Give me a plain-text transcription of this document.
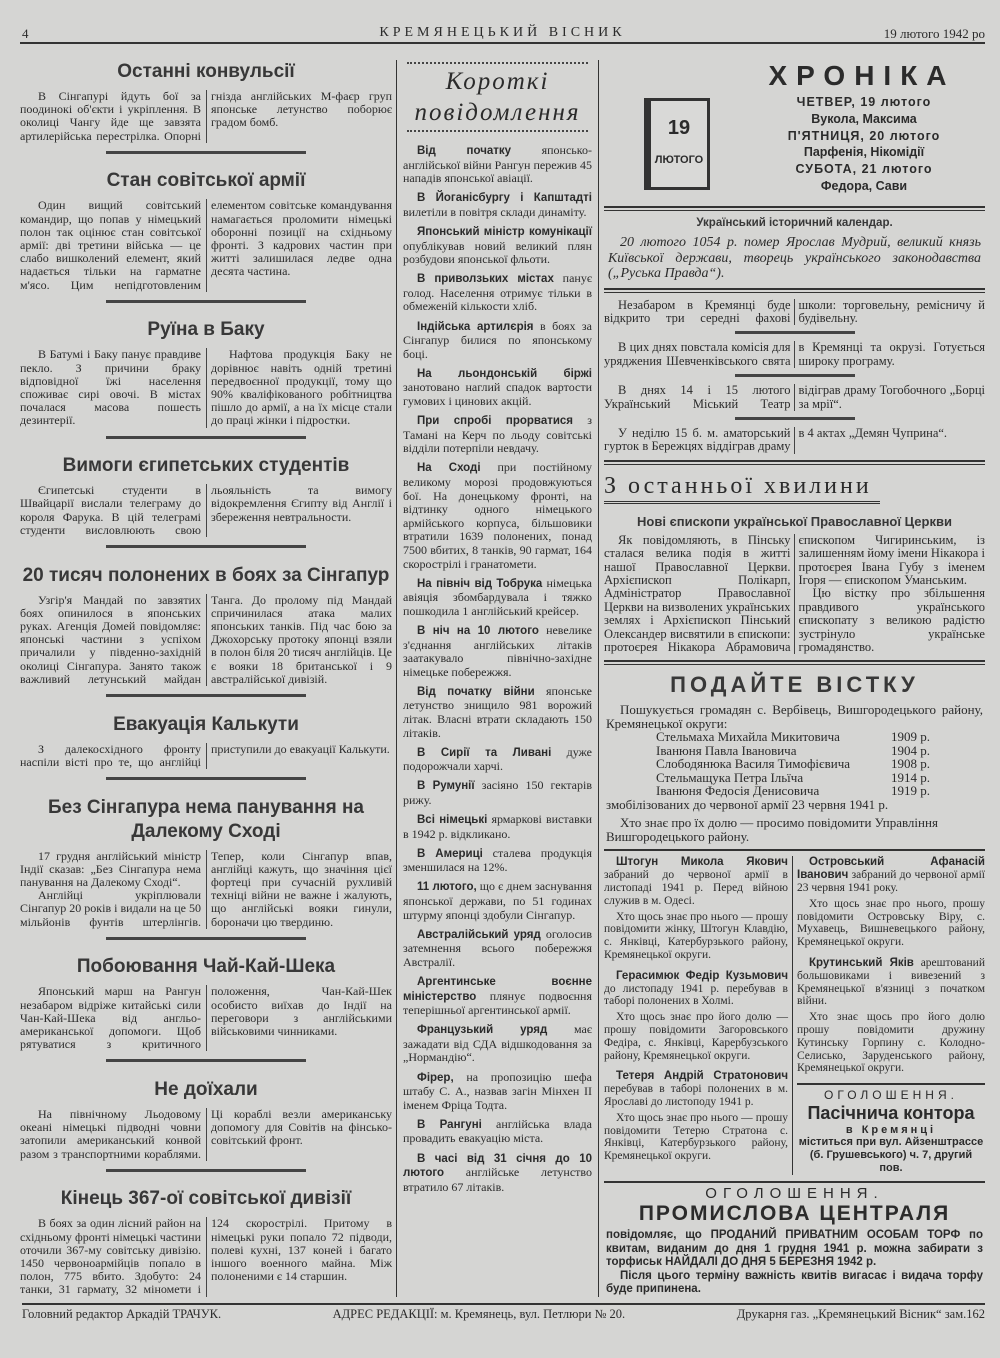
4	КРЕМЯНЕЦЬКИЙ ВІСНИК	19 лютого 1942 ро
Останні конвульсії

В Сінгапурі йдуть бої за поодинокі об'єкти і укріплення. В околиці Чангу йде ще завзята артилерійська перестрілка. Опорні гнізда англійських М-фаєр груп японське летунство поборює градом бомб.

Стан совітської армії

Один вищий совітський командир, що попав у німецький полон так оцінює стан совітської армії: дві третини війська — це слабо вишколений елемент, який надається тільки на гарматне м'ясо. Цим непідготовленим елементом совітське командування намагається проломити німецькі оборонні позиції на східньому фронті. З кадрових частин при житті залишилася ледве одна десята частина.

Руїна в Баку

В Батумі і Баку панує правдиве пекло. З причини браку відповідної їжі населення споживає сирі овочі. В містах почалася масова пошесть дезинтерії.

Нафтова продукція Баку не дорівнює навіть одній третині передвоєнної продукції, тому що 90% кваліфікованого робітництва пішло до армії, а на їх місце стали до праці жінки і підростки.

Вимоги єгипетських студентів

Єгипетські студенти в Швайцарії вислали телеграму до короля Фарука. В цій телеграмі студенти висловлюють свою льояльність та вимогу відокремлення Єгипту від Англії і збереження невтральности.

20 тисяч полонених в боях за Сінгапур

Узгір'я Мандай по завзятих боях опинилося в японських руках. Агенція Домей повідомляє: японські частини з успіхом причалили у південно-західній околиці Сінгапура. Занято також важливий летунський майдан Танга. До пролому під Мандай спричинилася атака малих японських танків. Під час бою за Джохорську протоку японці взяли в полон біля 20 тисяч англійців. Це є вояки 18 британської і 9 австралійської дивізій.

Евакуація Калькути

З далекосхідного фронту наспіли вісті про те, що англійці приступили до евакуації Калькути.

Без Сінгапура нема панування на Далекому Сході

17 грудня англійський міністр Індії сказав: „Без Сінгапура нема панування на Далекому Сході“.

Англійці укріплювали Сінгапур 20 років і видали на це 50 мільйонів фунтів штерлінгів. Тепер, коли Сінгапур впав, англійці кажуть, що значіння цієї фортеці при сучасній рухливій техніці війни не важне і жалують, що англійські вояки гинули, бороначи цю твердиню.

Побоювання Чай-Кай-Шека

Японський марш на Рангун незабаром відріже китайські сили Чан-Кай-Шека від англьо-американської допомоги. Щоб рятуватися з критичного положення, Чан-Кай-Шек особисто виїхав до Індії на переговори з англійськими військовими чинниками.

Не доїхали

На північному Льодовому океані німецькі підводні човни затопили американський конвой разом з транспортними кораблями. Ці кораблі везли американську допомогу для Совітів на фінсько-совітський фронт.

Кінець 367-ої совітської дивізії

В боях за один лісний район на східньому фронті німецькі частини оточили 367-му совітську дивізію. 1450 червоноармійців попало в полон, 775 вбито. Здобуто: 24 танки, 31 гармату, 32 міномети і 124 скорострілі. Притому в німецькі руки попало 72 підводи, полеві кухні, 137 коней і багато іншого военного майна. Між полоненими є 14 старшин.

Короткі
повідомлення

Від початку японсько-англійської війни Рангун пережив 45 нападів японської авіації.

В Йоганісбургу і Капштадті вилетіли в повітря склади динаміту.

Японський міністр комунікації опублікував новий великий плян розбудови японської фльоти.

В приволзьких містах панує голод. Населення отримує тільки в обмеженій кількости хліб.

Індійська артилєрія в боях за Сінгапур билися по японському боці.

На льондонській біржі занотовано наглий спадок вартости гумових і цинових акцій.

При спробі прорватися з Тамані на Керч по льоду совітські відділи потерпіли невдачу.

На Сході при постійному великому морозі продовжуються бої. На донецькому фронті, на відтинку одного німецького армійського корпуса, більшовики втратили 1639 полонених, понад 7500 вбитих, 8 танків, 90 гармат, 164 скорострілі і гранатомети.

На північ від Тобрука німецька авіяція збомбардувала і тяжко пошкодила 1 англійський крейсер.

В ніч на 10 лютого невелике з'єднання англійських літаків заатакувало північно-західне німецьке побережжя.

Від початку війни японське летунство знищило 981 ворожий літак. Власні втрати складають 150 літаків.

В Сирії та Ливані дуже подорожчали харчі.

В Румунії засіяно 150 гектарів рижу.

Всі німецькі ярмаркові виставки в 1942 р. відкликано.

В Америці сталева продукція зменшилася на 12%.

11 лютого, що є днем заснування японської держави, по 51 годинах штурму японці здобули Сінгапур.

Австралійський уряд оголосив затемнення всього побережжя Австралії.

Аргентинське воєнне міністерство плянує подвоєння теперішньої аргентинської армії.

Французький уряд має зажадати від СДА відшкодовання за „Нормандію“.

Фірер, на пропозицію шефа штабу С. А., назвав загін Мінхен II іменем Фріца Тодта.

В Рангуні англійська влада провадить евакуацію міста.

В часі від 31 січня до 10 лютого англійське летунство втратило 67 літаків.

19
ЛЮТОГО
ХРОНІКА
ЧЕТВЕР, 19 лютого
Вукола, Максима
П'ЯТНИЦЯ, 20 лютого
Парфенія, Нікомідії
СУБОТА, 21 лютого
Федора, Сави
Український історичний календар.
20 лютого 1054 р. помер Ярослав Мудрий, великий князь Київської держави, творець українського законодавства („Руська Правда“).

Незабаром в Кремянці буде відкрито три середні фахові школи: торговельну, ремісничу й будівельну.

В цих днях повстала комісія для уряджения Шевченківського свята в Кремянці та окрузі. Готується широку програму.

В днях 14 і 15 лютого Український Міський Театр відіграв драму Тогобочного „Борці за мрії“.

У неділю 15 б. м. аматорський гурток в Бережцях віддіграв драму в 4 актах „Демян Чуприна“.

З останньої хвилини
Нові єпископи української Православної Церкви

Як повідомляють, в Пінську сталася велика подія в житті нашої Православної Церкви. Архієпископ Полікарп, Адміністратор Православної Церкви на визволених українських землях і Архієпископ Пінський Олександер висвятили в єпископи: протоєрея Нікакора Абрамовича єпископом Чигиринським, із залишенням йому імени Нікакора і протоєрея Івана Губу з іменем Ігоря — єпископом Уманським.

Цю вістку про збільшення правдивого українського єпископату з великою радістю зустрінуло українське громадянство.

ПОДАЙТЕ ВІСТКУ
Пошукується громадян с. Вербівець, Вишгородецького району, Кремянецької округи:
Стельмаха Михайла Микитовича	1909 р.
Іванюня Павла Івановича	1904 р.
Слободянюка Василя Тимофієвича	1908 р.
Стельмащука Петра Ільїча	1914 р.
Іванюня Федосія Денисовича	1919 р.
змобілізованих до червоної армії 23 червня 1941 р.
Хто знає про їх долю — просимо повідомити Управління Вишгородецького району.

Штогун Микола Якович забраний до червоної армії в листопаді 1941 р. Перед війною служив в м. Одесі.

Хто щось знає про нього — прошу повідомити жінку, Штогун Клавдію, с. Янківці, Катербурзького району, Кремянецької округи.

Герасимюк Федір Кузьмович до листопаду 1941 р. перебував в таборі полонених в Холмі.

Хто щось знає про його долю — прошу повідомити Загоровського Федіра, с. Янківці, Карербузського району, Кремянецької округи.

Тетеря Андрій Стратонович перебував в таборі полонених в м. Ярославі до листоподу 1941 р.

Хто щось знає про нього — прошу повідомити Тетерю Стратона с. Янківці, Катербурзького району, Кремянецької округи.

Островський Афанасій Іванович забраний до червоної армії 23 червня 1941 року.

Хто щось знає про нього, прошу повідомити Островську Віру, с. Мухавець, Вишневецького району, Кремянецької округи.

Крутинський Яків арештований большовиками і вивезений з Кремянецької в'язниці з початком війни.

Хто знає щось про його долю прошу повідомити дружину Кутинську Горпину с. Колодно-Селисько, Заруденського району, Кремянецької округи.

ОГОЛОШЕННЯ.
Пасічнича контора
в Кремянці
міститься при вул. Айзенштрассе (б. Грушевського) ч. 7, другий пов.
ОГОЛОШЕННЯ.
ПРОМИСЛОВА ЦЕНТРАЛЯ
повідомляє, що ПРОДАНИЙ ПРИВАТНИМ ОСОБАМ ТОРФ по квитам, виданим до дня 1 грудня 1941 р. можна забирати з торфиськ НАЙДАЛІ ДО ДНЯ 5 БЕРЕЗНЯ 1942 р.
Після цього терміну важність квитів вигасає і видача торфу буде припинена.
Головний редактор Аркадій ТРАЧУК.	АДРЕС РЕДАКЦІЇ: м. Кремянець, вул. Петлюри № 20.	Друкарня газ. „Кремянецький Вісник“ зам.162
